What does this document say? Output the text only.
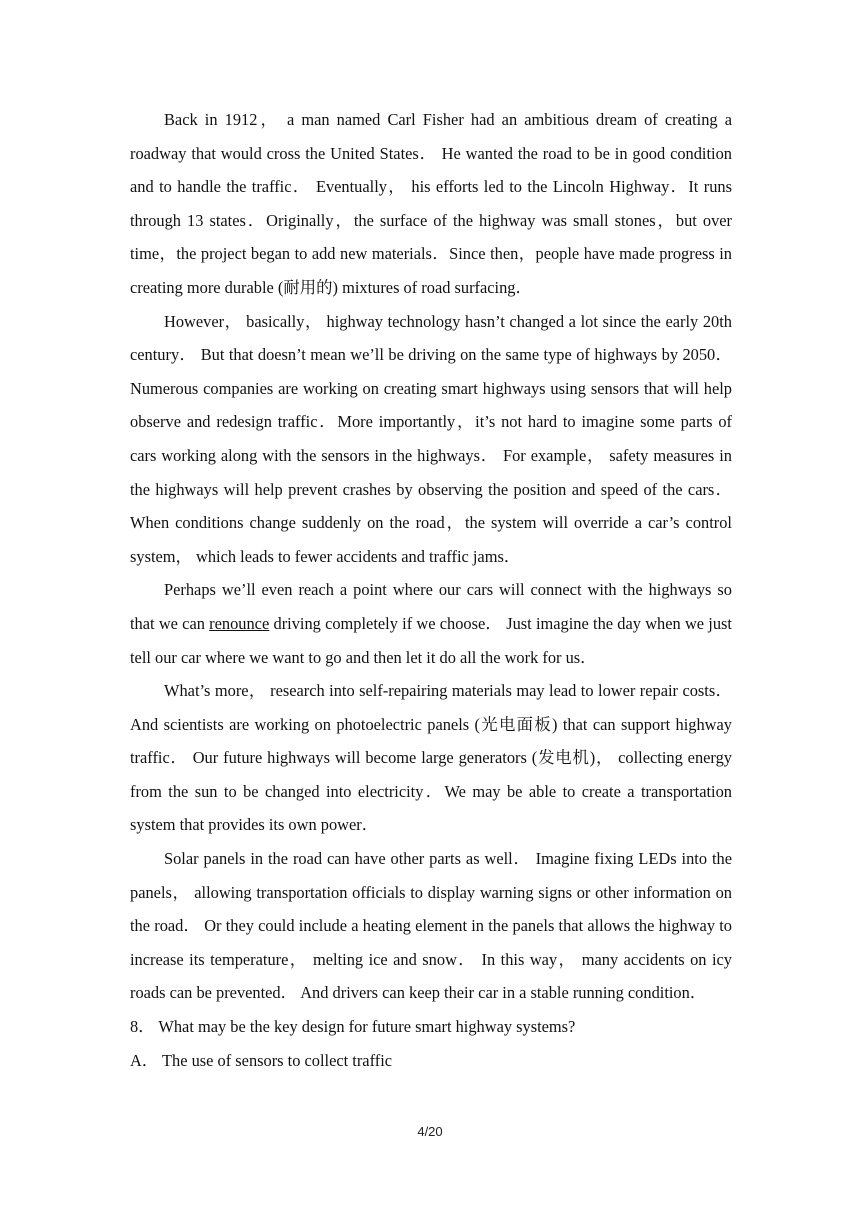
Back in 1912， a man named Carl Fisher had an ambitious dream of creating a roadway that would cross the United States． He wanted the road to be in good condition and to handle the traffic． Eventually， his efforts led to the Lincoln Highway．It runs through 13 states．Originally，the surface of the highway was small stones，but over time，the project began to add new materials．Since then，people have made progress in creating more durable (耐用的) mixtures of road surfacing．

However， basically， highway technology hasn’t changed a lot since the early 20th century． But that doesn’t mean we’ll be driving on the same type of highways by 2050．Numerous companies are working on creating smart highways using sensors that will help observe and redesign traffic．More importantly，it’s not hard to imagine some parts of cars working along with the sensors in the highways． For example， safety measures in the highways will help prevent crashes by observing the position and speed of the cars．When conditions change suddenly on the road，the system will override a car’s control system， which leads to fewer accidents and traffic jams．

Perhaps we’ll even reach a point where our cars will connect with the highways so that we can renounce driving completely if we choose． Just imagine the day when we just tell our car where we want to go and then let it do all the work for us．

What’s more， research into self-repairing materials may lead to lower repair costs．And scientists are working on photoelectric panels (光电面板) that can support highway traffic． Our future highways will become large generators (发电机)， collecting energy from the sun to be changed into electricity．We may be able to create a transportation system that provides its own power．

Solar panels in the road can have other parts as well． Imagine fixing LEDs into the panels， allowing transportation officials to display warning signs or other information on the road． Or they could include a heating element in the panels that allows the highway to increase its temperature， melting ice and snow． In this way， many accidents on icy roads can be prevented． And drivers can keep their car in a stable running condition．

8． What may be the key design for future smart highway systems?

A． The use of sensors to collect traffic

4/20
